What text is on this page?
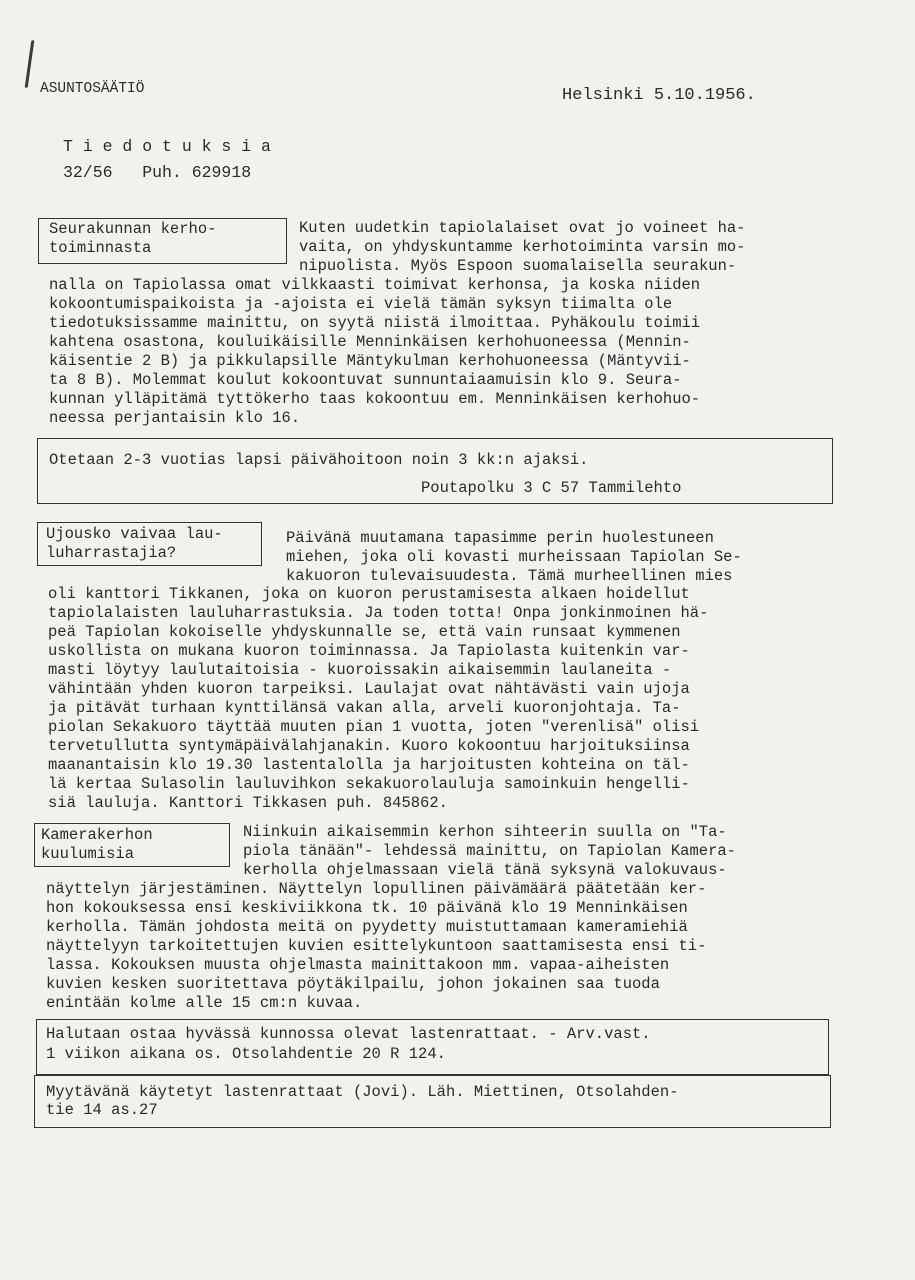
ASUNTOSÄÄTIÖ	Helsinki 5.10.1956.
T i e d o t u k s i a
32/56   Puh. 629918
Seurakunnan kerho-
toiminnasta
Kuten uudetkin tapiolalaiset ovat jo voineet ha-
vaita, on yhdyskuntamme kerhotoiminta varsin mo-
nipuolista. Myös Espoon suomalaisella seurakun-
nalla on Tapiolassa omat vilkkaasti toimivat kerhonsa, ja koska niiden
kokoontumispaikoista ja -ajoista ei vielä tämän syksyn tiimalta ole
tiedotuksissamme mainittu, on syytä niistä ilmoittaa. Pyhäkoulu toimii
kahtena osastona, kouluikäisille Menninkäisen kerhohuoneessa (Mennin-
käisentie 2 B) ja pikkulapsille Mäntykulman kerhohuoneessa (Mäntyvii-
ta 8 B). Molemmat koulut kokoontuvat sunnuntaiaamuisin klo 9. Seura-
kunnan ylläpitämä tyttökerho taas kokoontuu em. Menninkäisen kerhohuo-
neessa perjantaisin klo 16.
Otetaan 2-3 vuotias lapsi päivähoitoon noin 3 kk:n ajaksi.
Poutapolku 3 C 57 Tammilehto
Ujousko vaivaa lau-
luharrastajia?
Päivänä muutamana tapasimme perin huolestuneen
miehen, joka oli kovasti murheissaan Tapiolan Se-
kakuoron tulevaisuudesta. Tämä murheellinen mies
oli kanttori Tikkanen, joka on kuoron perustamisesta alkaen hoidellut
tapiolalaisten lauluharrastuksia. Ja toden totta! Onpa jonkinmoinen hä-
peä Tapiolan kokoiselle yhdyskunnalle se, että vain runsaat kymmenen
uskollista on mukana kuoron toiminnassa. Ja Tapiolasta kuitenkin var-
masti löytyy laulutaitoisia - kuoroissakin aikaisemmin laulaneita -
vähintään yhden kuoron tarpeiksi. Laulajat ovat nähtävästi vain ujoja
ja pitävät turhaan kynttilänsä vakan alla, arveli kuoronjohtaja. Ta-
piolan Sekakuoro täyttää muuten pian 1 vuotta, joten "verenlisä" olisi
tervetullutta syntymäpäivälahjanakin. Kuoro kokoontuu harjoituksiinsa
maanantaisin klo 19.30 lastentalolla ja harjoitusten kohteina on täl-
lä kertaa Sulasolin lauluvihkon sekakuorolauluja samoinkuin hengelli-
siä lauluja. Kanttori Tikkasen puh. 845862.
Kamerakerhon
kuulumisia
Niinkuin aikaisemmin kerhon sihteerin suulla on "Ta-
piola tänään"- lehdessä mainittu, on Tapiolan Kamera-
kerholla ohjelmassaan vielä tänä syksynä valokuvaus-
näyttelyn järjestäminen. Näyttelyn lopullinen päivämäärä päätetään ker-
hon kokouksessa ensi keskiviikkona tk. 10 päivänä klo 19 Menninkäisen
kerholla. Tämän johdosta meitä on pyydetty muistuttamaan kameramiehiä
näyttelyyn tarkoitettujen kuvien esittelykuntoon saattamisesta ensi ti-
lassa. Kokouksen muusta ohjelmasta mainittakoon mm. vapaa-aiheisten
kuvien kesken suoritettava pöytäkilpailu, johon jokainen saa tuoda
enintään kolme alle 15 cm:n kuvaa.
Halutaan ostaa hyvässä kunnossa olevat lastenrattaat. - Arv.vast.
1 viikon aikana os. Otsolahdentie 20 R 124.
Myytävänä käytetyt lastenrattaat (Jovi). Läh. Miettinen, Otsolahden-
tie 14 as.27
